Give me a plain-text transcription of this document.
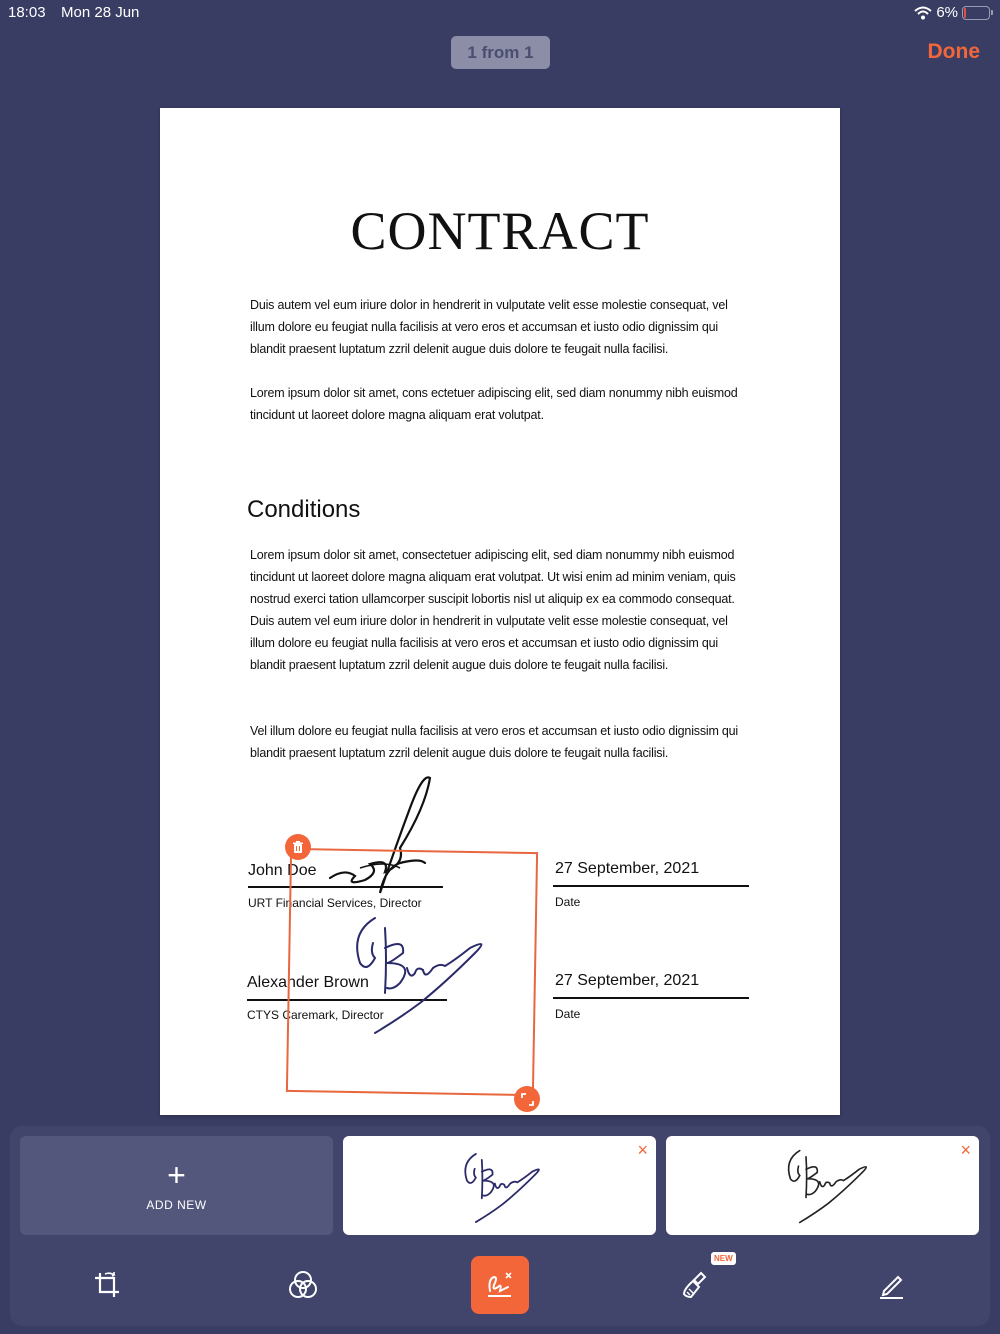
18:03 Mon 28 Jun	6%
1 from 1	Done
CONTRACT
Duis autem vel eum iriure dolor in hendrerit in vulputate velit esse molestie consequat, vel illum dolore eu feugiat nulla facilisis at vero eros et accumsan et iusto odio dignissim qui blandit praesent luptatum zzril delenit augue duis dolore te feugait nulla facilisi.
Lorem ipsum dolor sit amet, cons ectetuer adipiscing elit, sed diam nonummy nibh euismod tincidunt ut laoreet dolore magna aliquam erat volutpat.
Conditions
Lorem ipsum dolor sit amet, consectetuer adipiscing elit, sed diam nonummy nibh euismod tincidunt ut laoreet dolore magna aliquam erat volutpat. Ut wisi enim ad minim veniam, quis nostrud exerci tation ullamcorper suscipit lobortis nisl ut aliquip ex ea commodo consequat. Duis autem vel eum iriure dolor in hendrerit in vulputate velit esse molestie consequat, vel illum dolore eu feugiat nulla facilisis at vero eros et accumsan et iusto odio dignissim qui blandit praesent luptatum zzril delenit augue duis dolore te feugait nulla facilisi.
Vel illum dolore eu feugiat nulla facilisis at vero eros et accumsan et iusto odio dignissim qui blandit praesent luptatum zzril delenit augue duis dolore te feugait nulla facilisi.
John Doe
URT Financial Services, Director
27 September, 2021
Date
Alexander Brown
CTYS Caremark, Director
27 September, 2021
Date
+
ADD NEW
×	×
NEW
